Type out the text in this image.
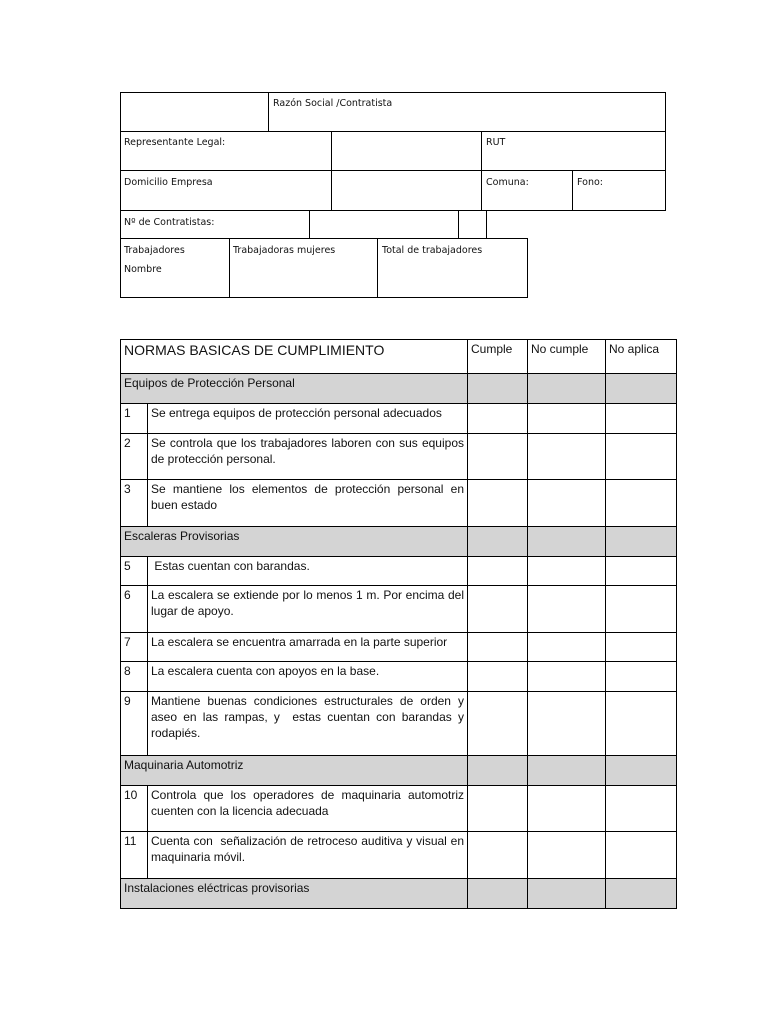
Razón Social /Contratista
Representante Legal:	RUT
Domicilio Empresa	Comuna:	Fono:
Nº de Contratistas:
Trabajadores
Nombre
Trabajadoras mujeres	Total de trabajadores
NORMAS BASICAS DE CUMPLIMIENTO		Cumple	No cumple	No aplica
Equipos de Protección Personal				
1	Se entrega equipos de protección personal adecuados			
2	Se controla que los trabajadores laboren con sus equipos de protección personal.			
3	Se mantiene los elementos de protección personal en buen estado			
Escaleras Provisorias				
5	Estas cuentan con barandas.			
6	La escalera se extiende por lo menos 1 m. Por encima del lugar de apoyo.			
7	La escalera se encuentra amarrada en la parte superior			
8	La escalera cuenta con apoyos en la base.			
9	Mantiene buenas condiciones estructurales de orden y aseo en las rampas, y  estas cuentan con barandas y rodapiés.			
Maquinaria Automotriz				
10	Controla que los operadores de maquinaria automotriz cuenten con la licencia adecuada			
11	Cuenta con  señalización de retroceso auditiva y visual en maquinaria móvil.			
Instalaciones eléctricas provisorias				
